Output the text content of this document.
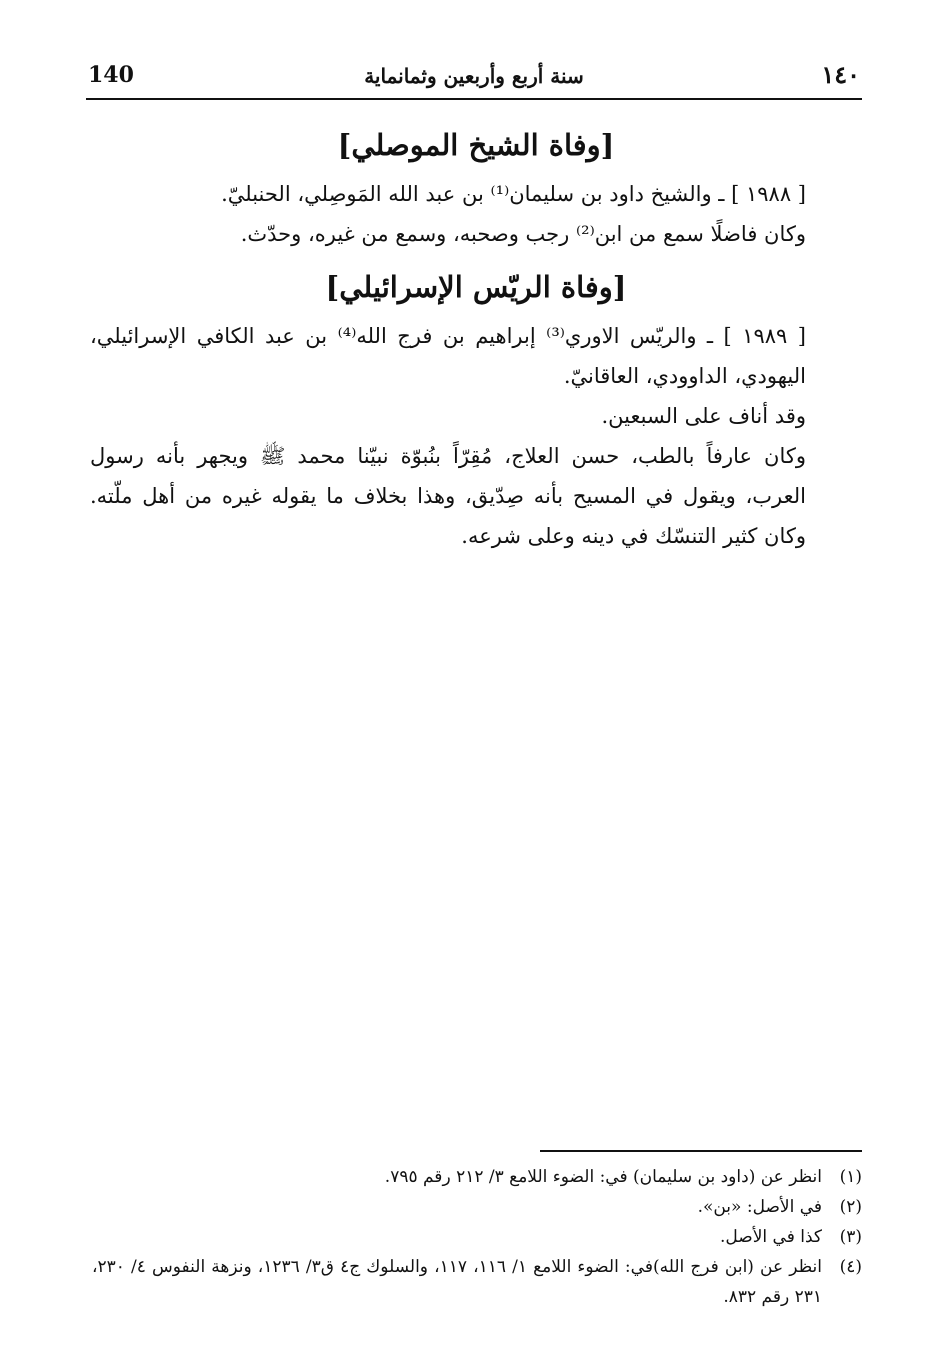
140	سنة أربع وأربعين وثمانماية	١٤٠
[وفاة الشيخ الموصلي]

[ ١٩٨٨ ] ـ والشيخ داود بن سليمان⁽¹⁾ بن عبد الله المَوصِلي، الحنبليّ.

وكان فاضلًا سمع من ابن⁽²⁾ رجب وصحبه، وسمع من غيره، وحدّث.

[وفاة الريّس الإسرائيلي]

[ ١٩٨٩ ] ـ والريّس الاوري⁽³⁾ إبراهيم بن فرج الله⁽⁴⁾ بن عبد الكافي الإسرائيلي، اليهودي، الداوودي، العاقانيّ.

وقد أناف على السبعين.

وكان عارفاً بالطب، حسن العلاج، مُقِرّاً بنُبوّة نبيّنا محمد ﷺ ويجهر بأنه رسول العرب، ويقول في المسيح بأنه صِدّيق، وهذا بخلاف ما يقوله غيره من أهل ملّته. وكان كثير التنسّك في دينه وعلى شرعه.

(١)
انظر عن (داود بن سليمان) في: الضوء اللامع ٣/ ٢١٢ رقم ٧٩٥.
(٢)
في الأصل: «بن».
(٣)
كذا في الأصل.
(٤)
انظر عن (ابن فرج الله)في: الضوء اللامع ١/ ١١٦، ١١٧، والسلوك ج٤ ق٣/ ١٢٣٦، ونزهة النفوس ٤/ ٢٣٠، ٢٣١ رقم ٨٣٢.
